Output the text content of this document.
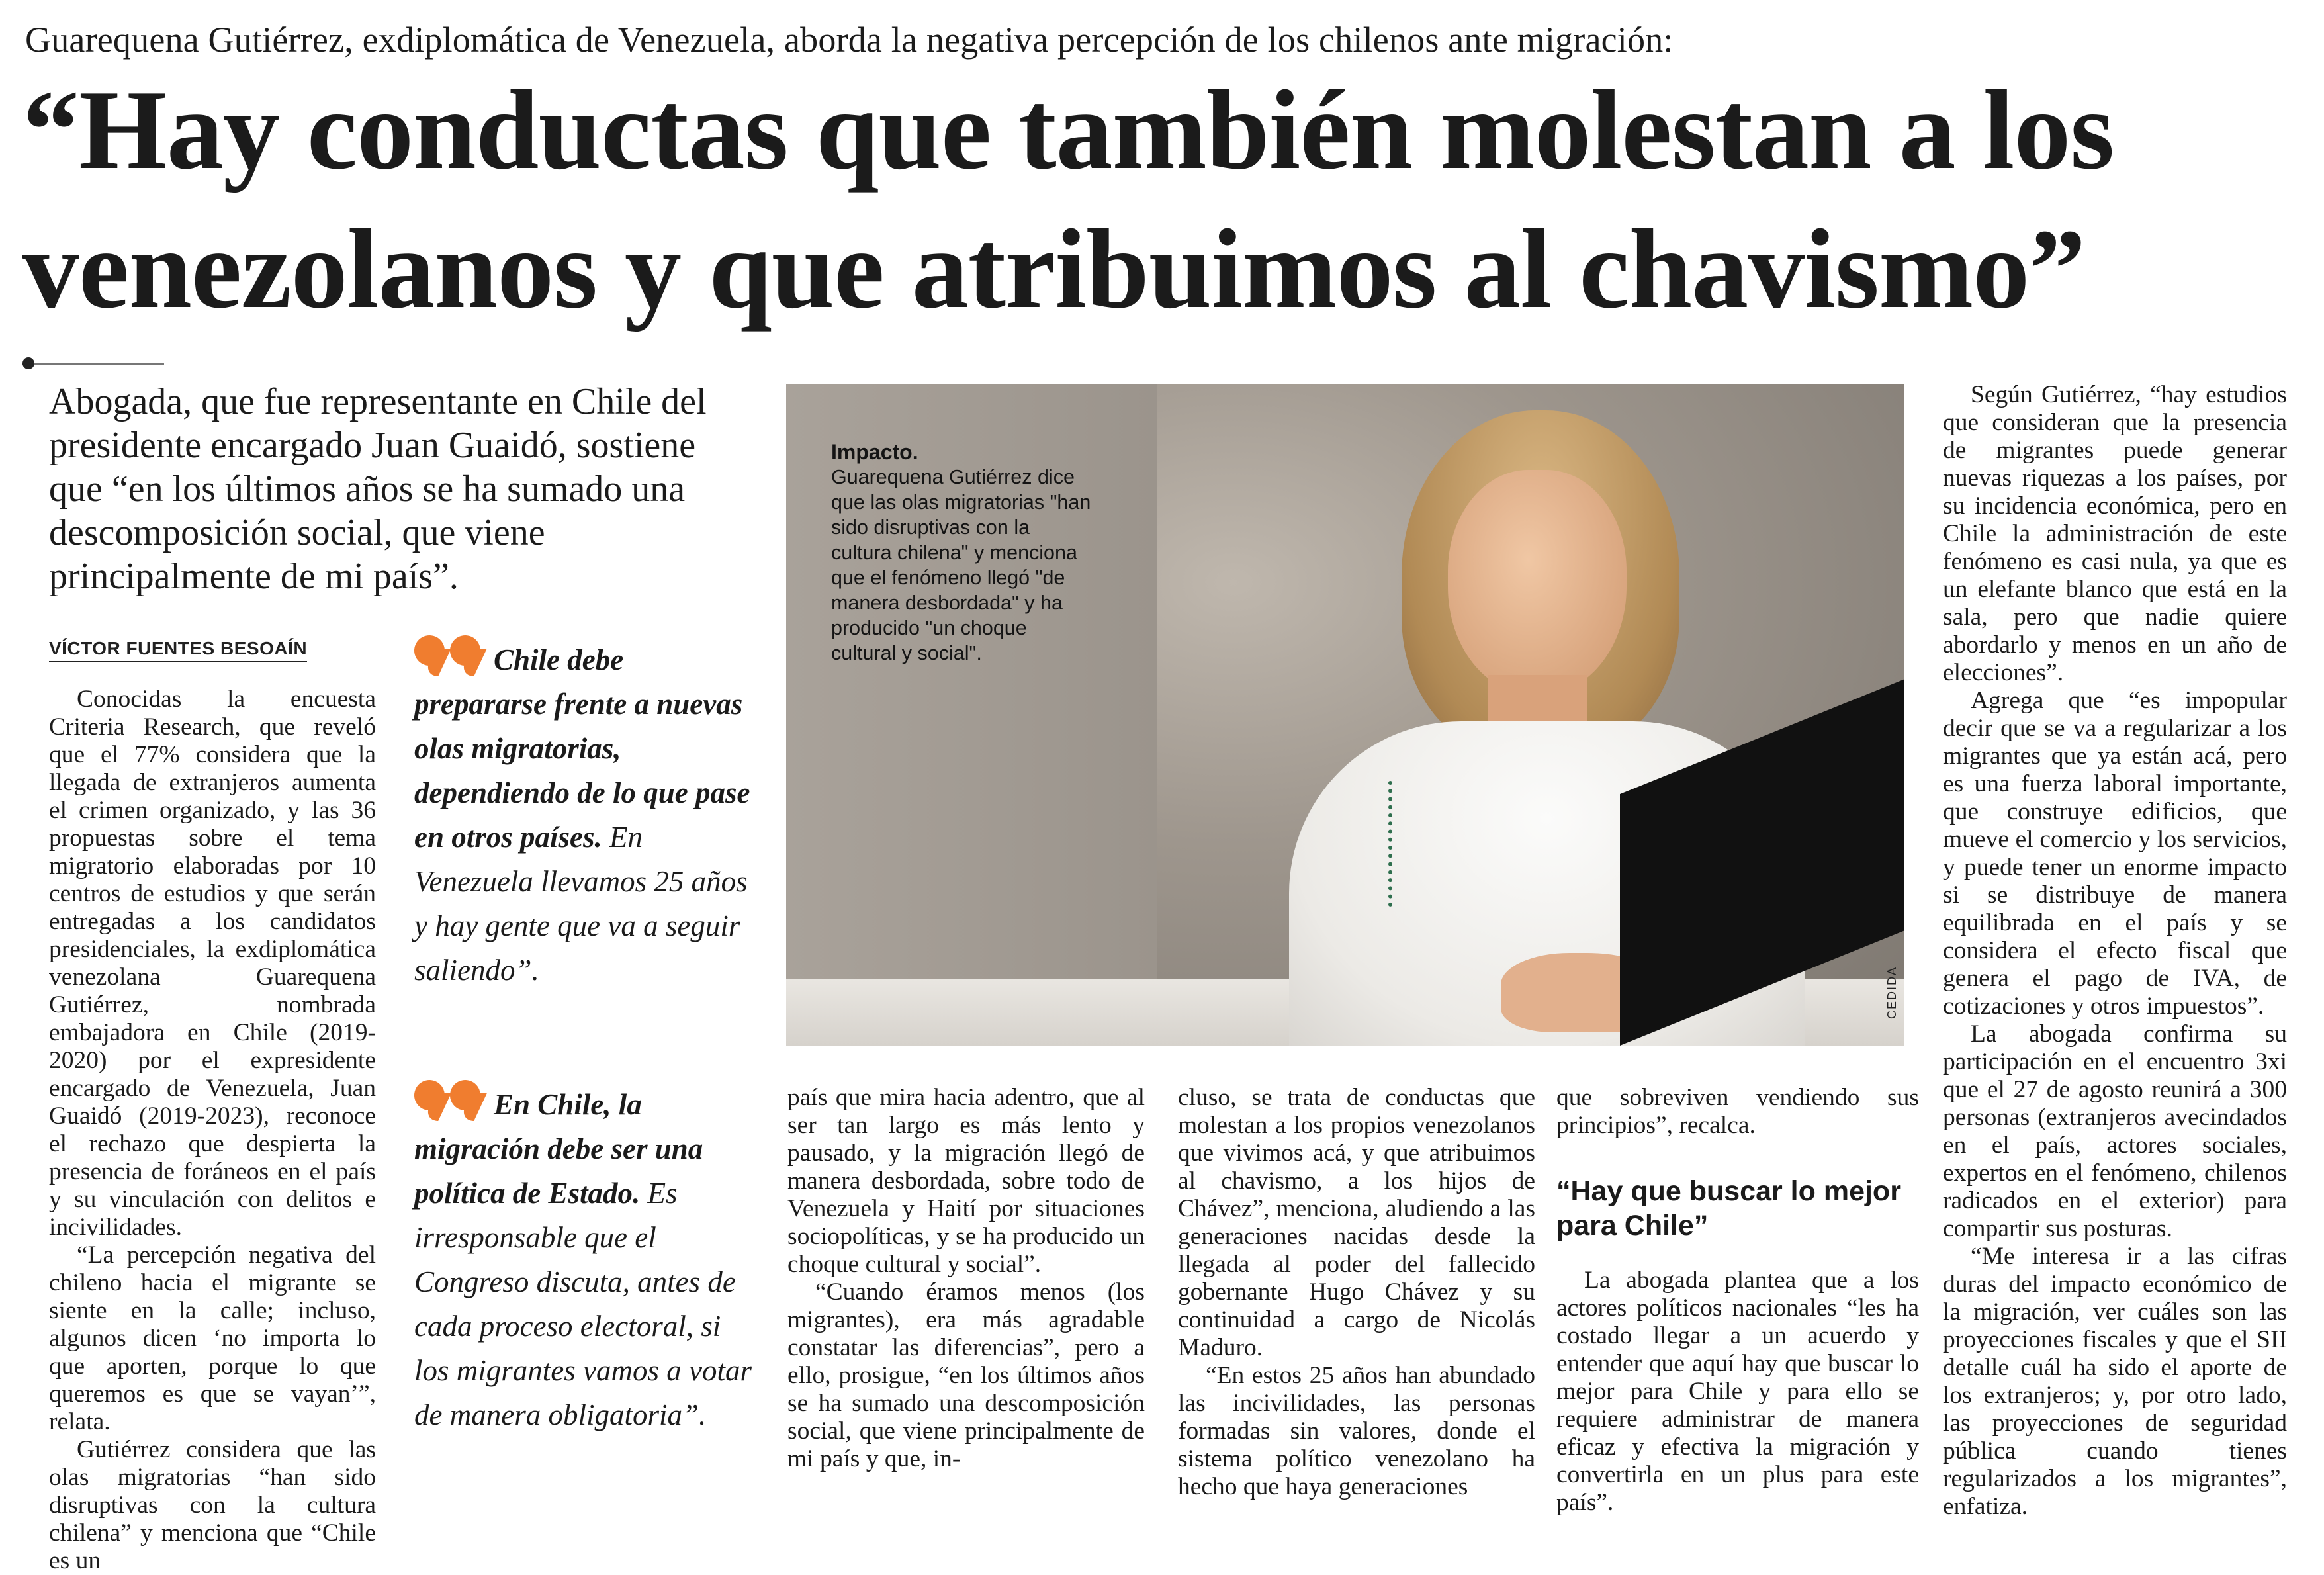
Guarequena Gutiérrez, exdiplomática de Venezuela, aborda la negativa percepción de los chilenos ante migración:
“Hay conductas que también molestan a los
venezolanos y que atribuimos al chavismo”
Abogada, que fue representante en Chile del presidente encargado Juan Guaidó, sostiene que “en los últimos años se ha sumado una descomposición social, que viene principalmente de mi país”.
VÍCTOR FUENTES BESOAÍN

Conocidas la encuesta Criteria Research, que reveló que el 77% considera que la llegada de extranjeros aumenta el crimen organizado, y las 36 propuestas sobre el tema migratorio elaboradas por 10 centros de estudios y que serán entregadas a los candidatos presidenciales, la exdiplomática venezolana Guarequena Gutiérrez, nombrada embajadora en Chile (2019-2020) por el expresidente encargado de Venezuela, Juan Guaidó (2019-2023), reconoce el rechazo que despierta la presencia de foráneos en el país y su vinculación con delitos e incivilidades.

“La percepción negativa del chileno hacia el migrante se siente en la calle; incluso, algunos dicen ‘no importa lo que aporten, porque lo que queremos es que se vayan’”, relata.

Gutiérrez considera que las olas migratorias “han sido disruptivas con la cultura chilena” y menciona que “Chile es un

Chile debe prepararse frente a nuevas olas migratorias, dependiendo de lo que pase en otros países. En Venezuela llevamos 25 años y hay gente que va a seguir saliendo”.
En Chile, la migración debe ser una política de Estado. Es irresponsable que el Congreso discuta, antes de cada proceso electoral, si los migrantes vamos a votar de manera obligatoria”.
CEDIDA
Impacto.
Guarequena Gutiérrez dice que las olas migratorias "han sido disruptivas con la cultura chilena" y menciona que el fenómeno llegó "de manera desbordada" y ha producido "un choque cultural y social".

país que mira hacia adentro, que al ser tan largo es más lento y pausado, y la migración llegó de manera desbordada, sobre todo de Venezuela y Haití por situaciones sociopolíticas, y se ha producido un choque cultural y social”.

“Cuando éramos menos (los migrantes), era más agradable constatar las diferencias”, pero a ello, prosigue, “en los últimos años se ha sumado una descomposición social, que viene principalmente de mi país y que, in-

cluso, se trata de conductas que molestan a los propios venezolanos que vivimos acá, y que atribuimos al chavismo, a los hijos de Chávez”, menciona, aludiendo a las generaciones nacidas desde la llegada al poder del fallecido gobernante Hugo Chávez y su continuidad a cargo de Nicolás Maduro.

“En estos 25 años han abundado las incivilidades, las personas formadas sin valores, donde el sistema político venezolano ha hecho que haya generaciones

que sobreviven vendiendo sus principios”, recalca.

“Hay que buscar lo mejor para Chile”

La abogada plantea que a los actores políticos nacionales “les ha costado llegar a un acuerdo y entender que aquí hay que buscar lo mejor para Chile y para ello se requiere administrar de manera eficaz y efectiva la migración y convertirla en un plus para este país”.

Según Gutiérrez, “hay estudios que consideran que la presencia de migrantes puede generar nuevas riquezas a los países, por su incidencia económica, pero en Chile la administración de este fenómeno es casi nula, ya que es un elefante blanco que está en la sala, pero que nadie quiere abordarlo y menos en un año de elecciones”.

Agrega que “es impopular decir que se va a regularizar a los migrantes que ya están acá, pero es una fuerza laboral importante, que construye edificios, que mueve el comercio y los servicios, y puede tener un enorme impacto si se distribuye de manera equilibrada en el país y se considera el efecto fiscal que genera el pago de IVA, de cotizaciones y otros impuestos”.

La abogada confirma su participación en el encuentro 3xi que el 27 de agosto reunirá a 300 personas (extranjeros avecindados en el país, actores sociales, expertos en el fenómeno, chilenos radicados en el exterior) para compartir sus posturas.

“Me interesa ir a las cifras duras del impacto económico de la migración, ver cuáles son las proyecciones fiscales y que el SII detalle cuál ha sido el aporte de los extranjeros; y, por otro lado, las proyecciones de seguridad pública cuando tienes regularizados a los migrantes”, enfatiza.
